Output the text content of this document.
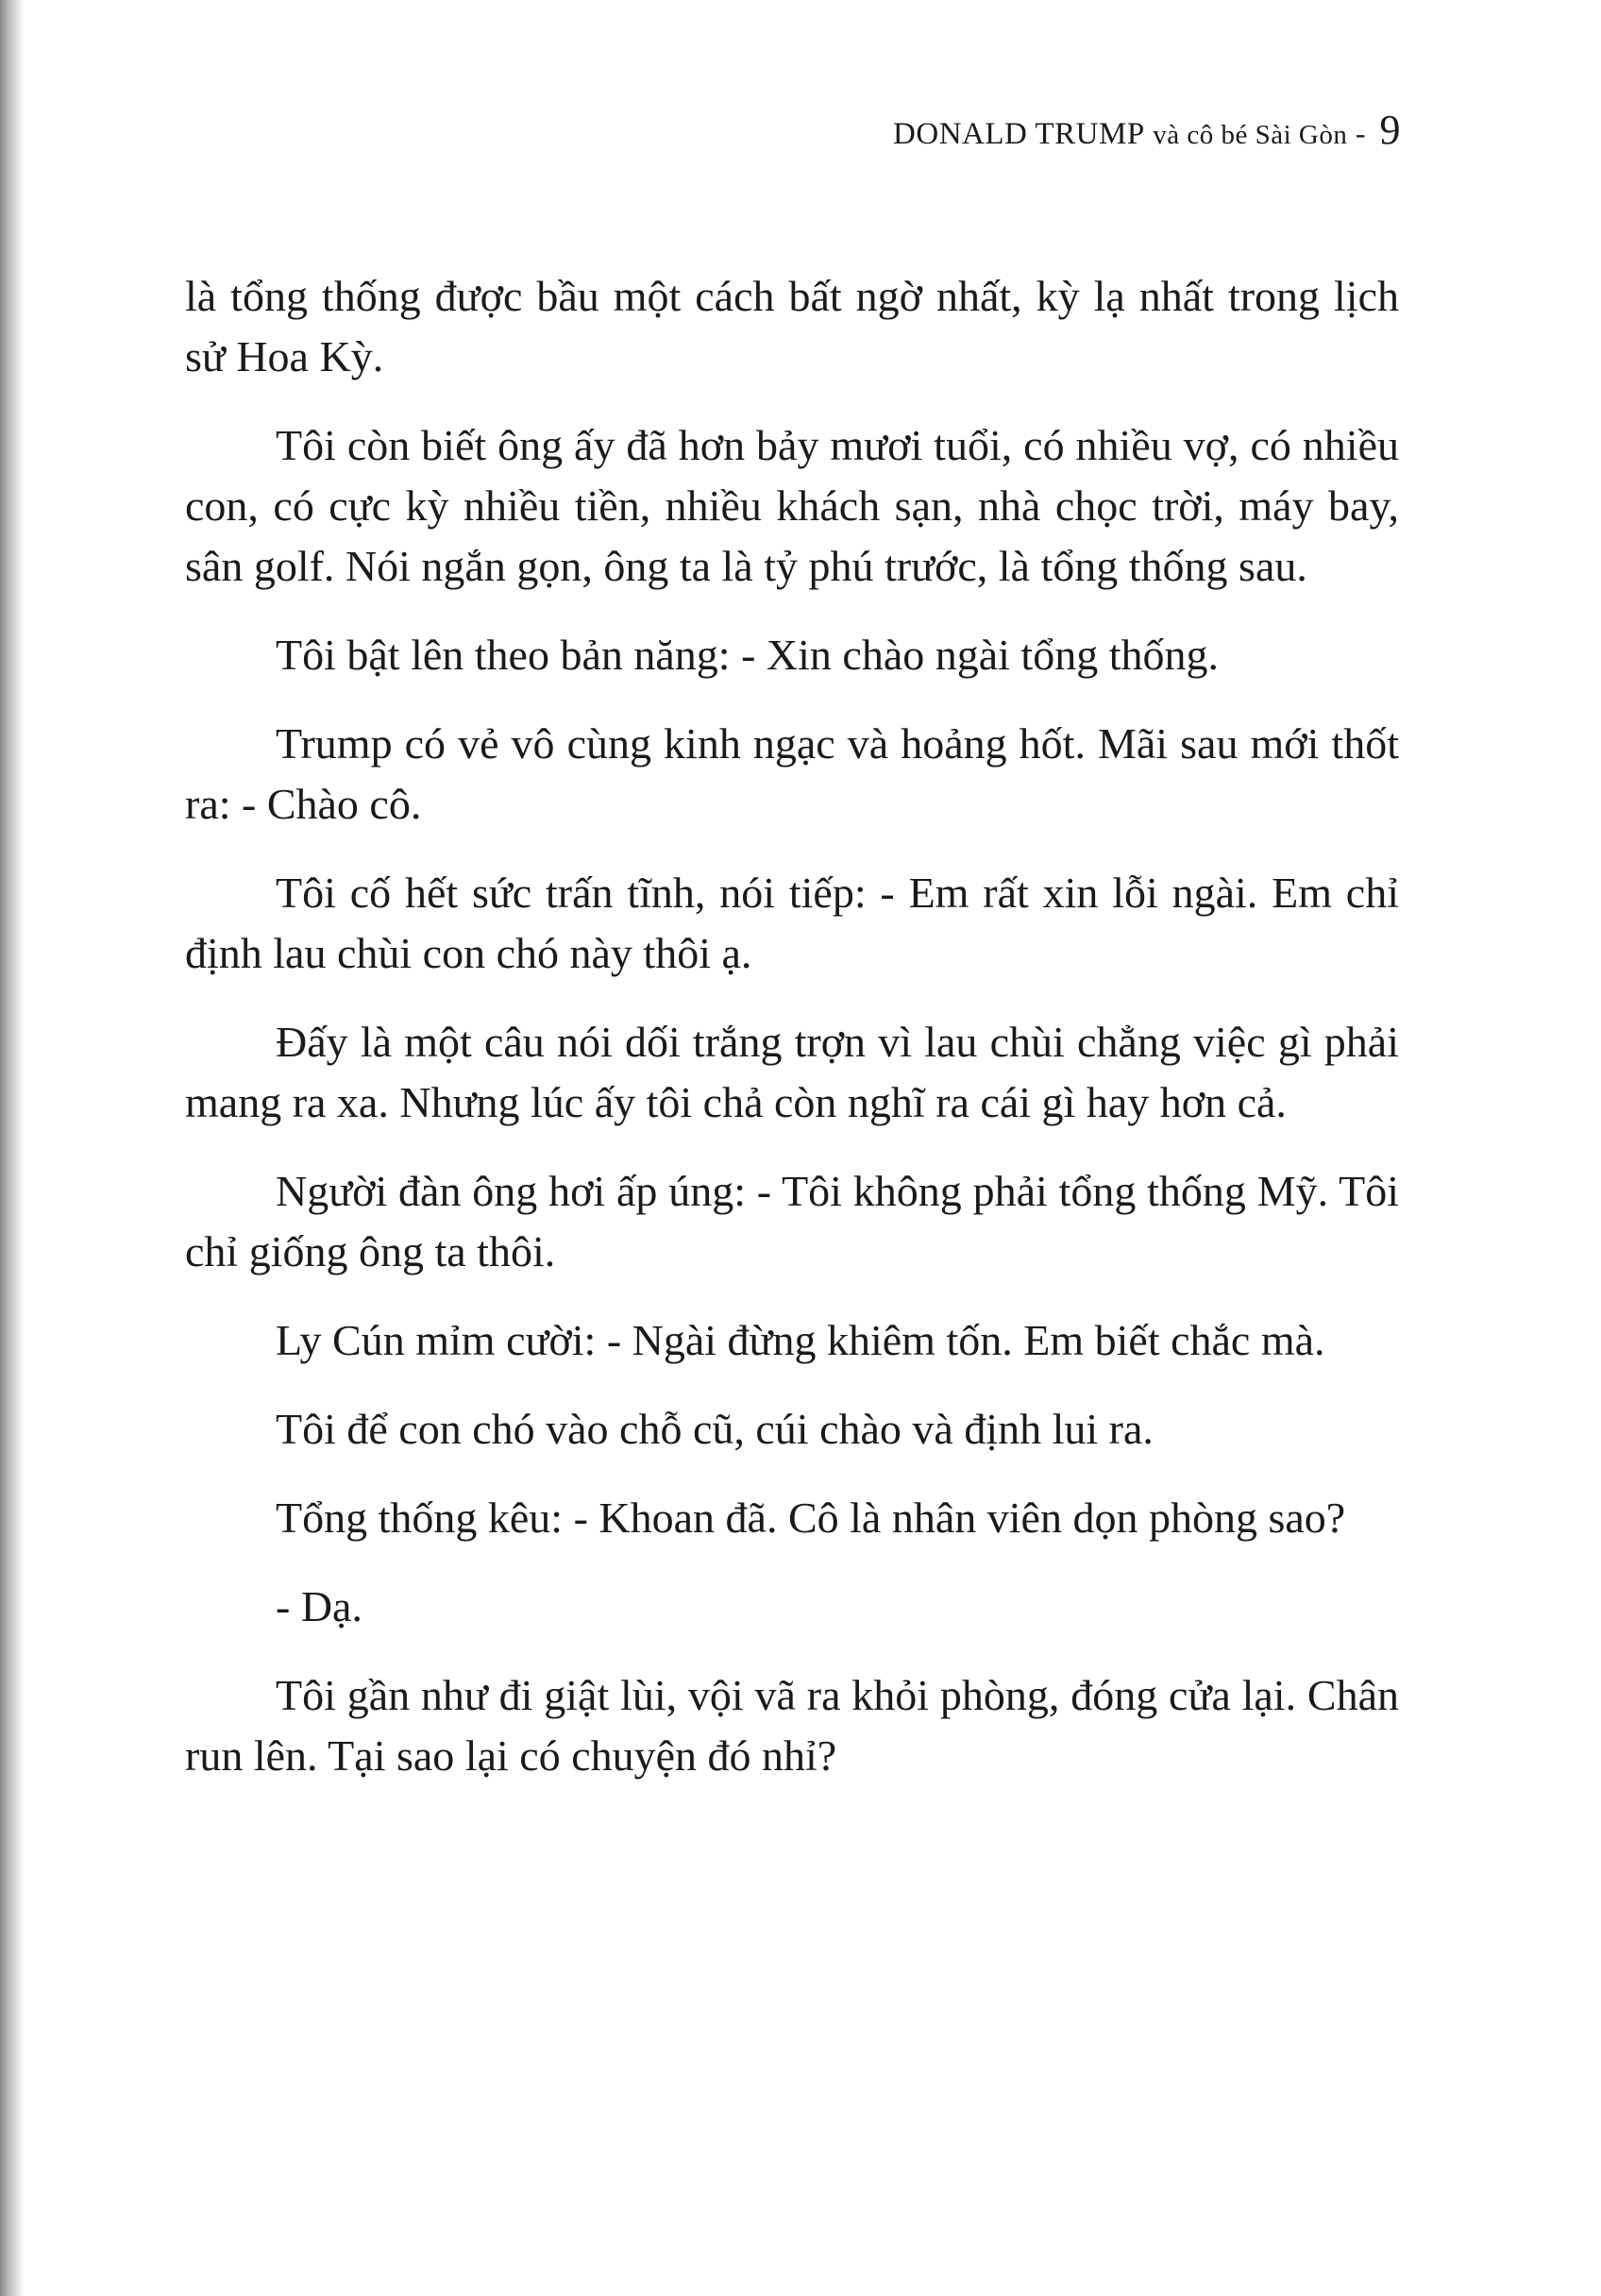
DONALD TRUMP và cô bé Sài Gòn - 9

là tổng thống được bầu một cách bất ngờ nhất, kỳ lạ nhất trong lịch sử Hoa Kỳ.

Tôi còn biết ông ấy đã hơn bảy mươi tuổi, có nhiều vợ, có nhiều con, có cực kỳ nhiều tiền, nhiều khách sạn, nhà chọc trời, máy bay, sân golf. Nói ngắn gọn, ông ta là tỷ phú trước, là tổng thống sau.

Tôi bật lên theo bản năng: - Xin chào ngài tổng thống.

Trump có vẻ vô cùng kinh ngạc và hoảng hốt. Mãi sau mới thốt ra: - Chào cô.

Tôi cố hết sức trấn tĩnh, nói tiếp: - Em rất xin lỗi ngài. Em chỉ định lau chùi con chó này thôi ạ.

Đấy là một câu nói dối trắng trợn vì lau chùi chẳng việc gì phải mang ra xa. Nhưng lúc ấy tôi chả còn nghĩ ra cái gì hay hơn cả.

Người đàn ông hơi ấp úng: - Tôi không phải tổng thống Mỹ. Tôi chỉ giống ông ta thôi.

Ly Cún mỉm cười: - Ngài đừng khiêm tốn. Em biết chắc mà.

Tôi để con chó vào chỗ cũ, cúi chào và định lui ra.

Tổng thống kêu: - Khoan đã. Cô là nhân viên dọn phòng sao?

- Dạ.

Tôi gần như đi giật lùi, vội vã ra khỏi phòng, đóng cửa lại. Chân run lên. Tại sao lại có chuyện đó nhỉ?
